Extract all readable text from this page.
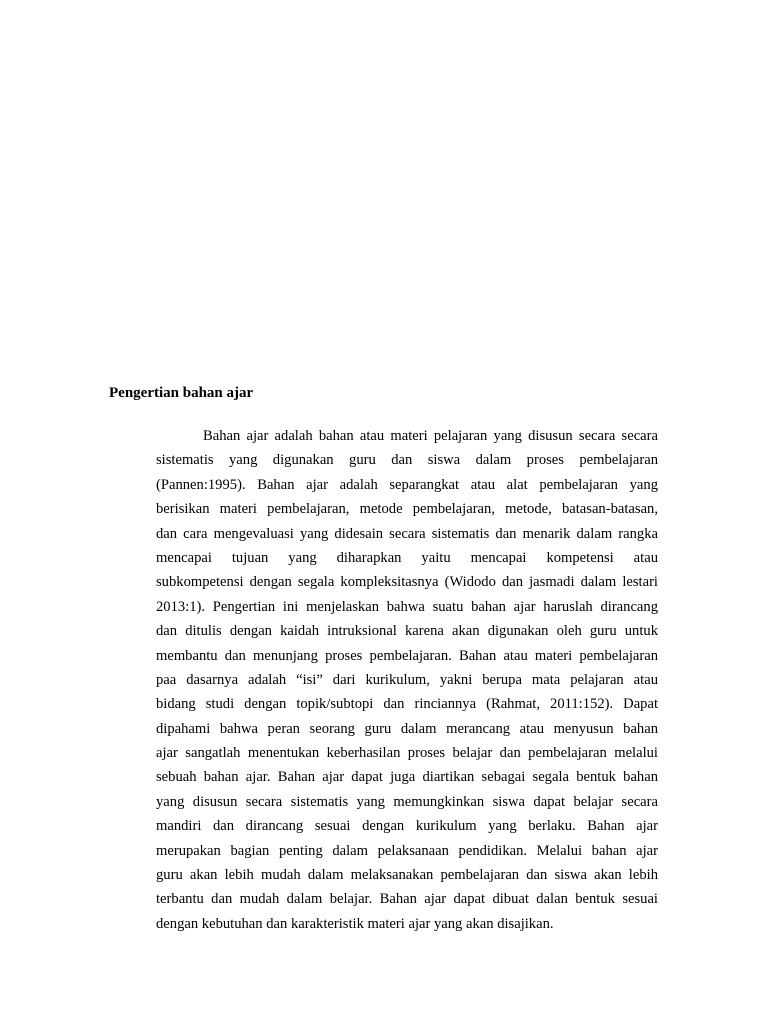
Pengertian bahan ajar
Bahan ajar adalah bahan atau materi pelajaran yang disusun secara secara
sistematis yang digunakan guru dan siswa dalam proses pembelajaran
(Pannen:1995). Bahan ajar adalah separangkat atau alat pembelajaran yang
berisikan materi pembelajaran, metode pembelajaran, metode, batasan-batasan,
dan cara mengevaluasi yang didesain secara sistematis dan menarik dalam rangka
mencapai tujuan yang diharapkan yaitu mencapai kompetensi atau
subkompetensi dengan segala kompleksitasnya (Widodo dan jasmadi dalam lestari
2013:1). Pengertian ini menjelaskan bahwa suatu bahan ajar haruslah dirancang
dan ditulis dengan kaidah intruksional karena akan digunakan oleh guru untuk
membantu dan menunjang proses pembelajaran. Bahan atau materi pembelajaran
paa dasarnya adalah “isi” dari kurikulum, yakni berupa mata pelajaran atau
bidang studi dengan topik/subtopi dan rinciannya (Rahmat, 2011:152). Dapat
dipahami bahwa peran seorang guru dalam merancang atau menyusun bahan
ajar sangatlah menentukan keberhasilan proses belajar dan pembelajaran melalui
sebuah bahan ajar. Bahan ajar dapat juga diartikan sebagai segala bentuk bahan
yang disusun secara sistematis yang memungkinkan siswa dapat belajar secara
mandiri dan dirancang sesuai dengan kurikulum yang berlaku. Bahan ajar
merupakan bagian penting dalam pelaksanaan pendidikan. Melalui bahan ajar
guru akan lebih mudah dalam melaksanakan pembelajaran dan siswa akan lebih
terbantu dan mudah dalam belajar. Bahan ajar dapat dibuat dalan bentuk sesuai
dengan kebutuhan dan karakteristik materi ajar yang akan disajikan.
